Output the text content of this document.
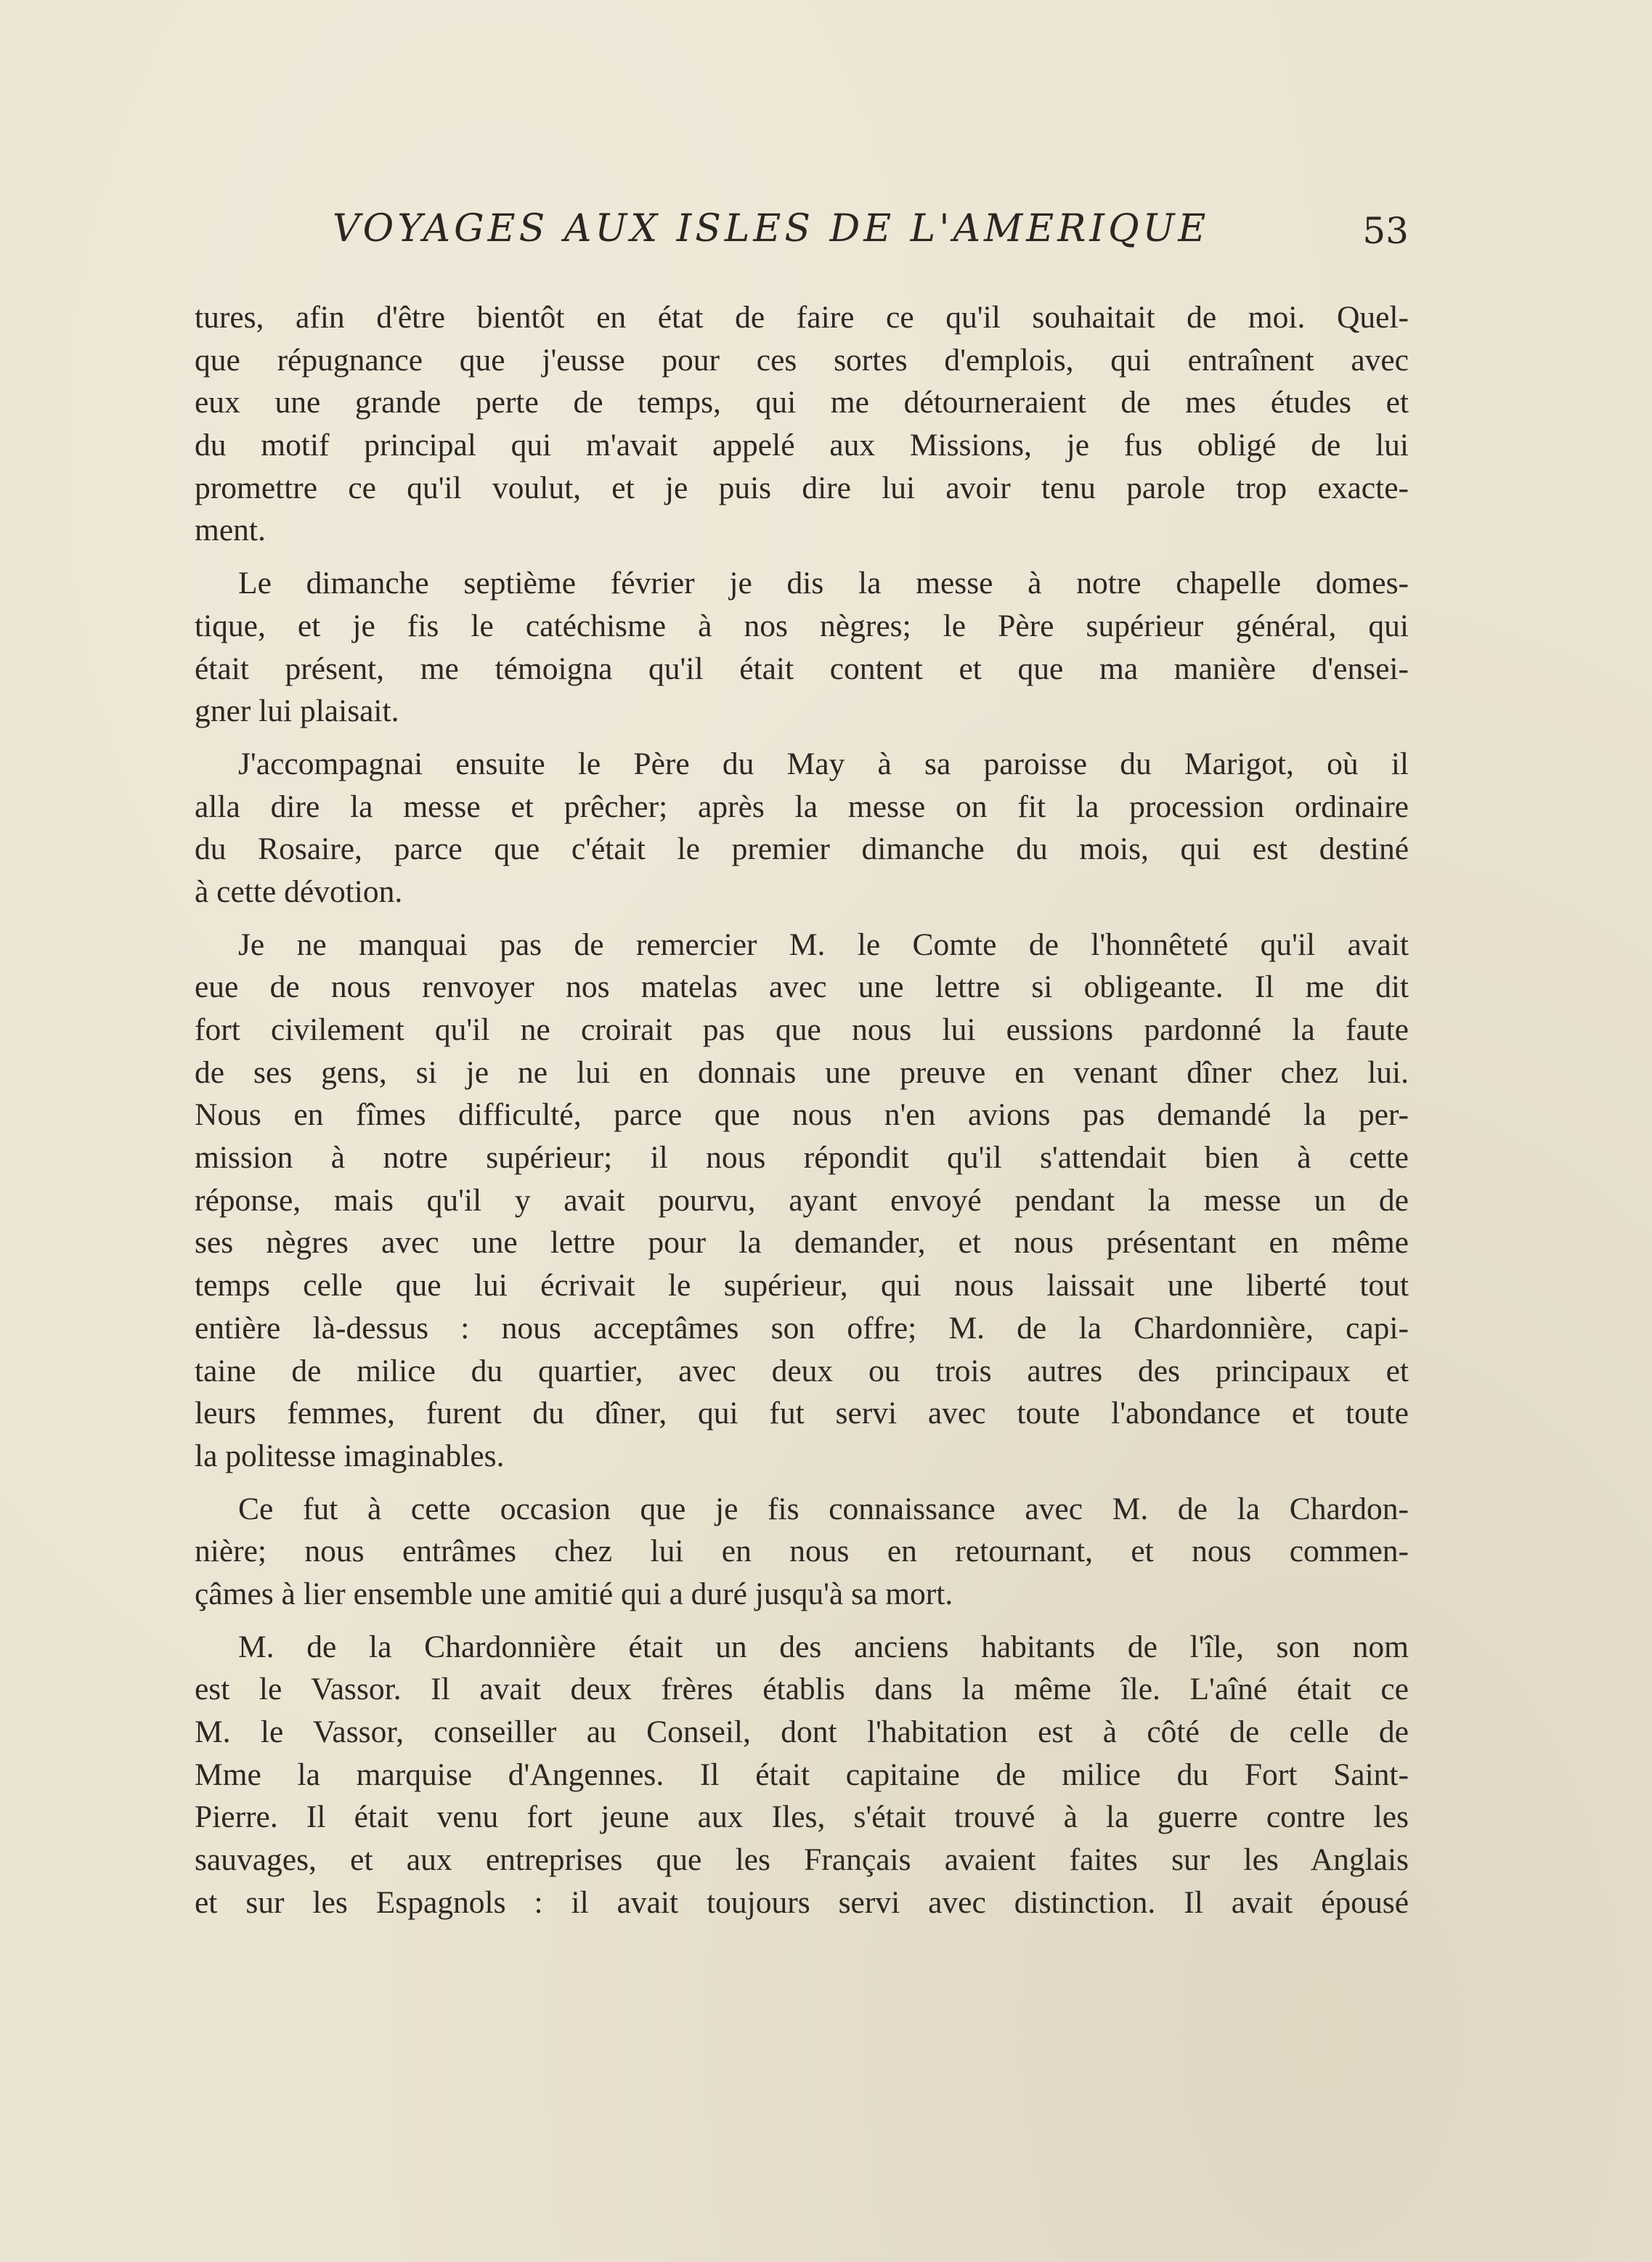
VOYAGES AUX ISLES DE L'AMERIQUE	53

tures, afin d'être bientôt en état de faire ce qu'il souhaitait de moi. Quel-
que répugnance que j'eusse pour ces sortes d'emplois, qui entraînent avec
eux une grande perte de temps, qui me détourneraient de mes études et
du motif principal qui m'avait appelé aux Missions, je fus obligé de lui
promettre ce qu'il voulut, et je puis dire lui avoir tenu parole trop exacte-
ment.

Le dimanche septième février je dis la messe à notre chapelle domes-
tique, et je fis le catéchisme à nos nègres; le Père supérieur général, qui
était présent, me témoigna qu'il était content et que ma manière d'ensei-
gner lui plaisait.

J'accompagnai ensuite le Père du May à sa paroisse du Marigot, où il
alla dire la messe et prêcher; après la messe on fit la procession ordinaire
du Rosaire, parce que c'était le premier dimanche du mois, qui est destiné
à cette dévotion.

Je ne manquai pas de remercier M. le Comte de l'honnêteté qu'il avait
eue de nous renvoyer nos matelas avec une lettre si obligeante. Il me dit
fort civilement qu'il ne croirait pas que nous lui eussions pardonné la faute
de ses gens, si je ne lui en donnais une preuve en venant dîner chez lui.
Nous en fîmes difficulté, parce que nous n'en avions pas demandé la per-
mission à notre supérieur; il nous répondit qu'il s'attendait bien à cette
réponse, mais qu'il y avait pourvu, ayant envoyé pendant la messe un de
ses nègres avec une lettre pour la demander, et nous présentant en même
temps celle que lui écrivait le supérieur, qui nous laissait une liberté tout
entière là-dessus : nous acceptâmes son offre; M. de la Chardonnière, capi-
taine de milice du quartier, avec deux ou trois autres des principaux et
leurs femmes, furent du dîner, qui fut servi avec toute l'abondance et toute
la politesse imaginables.

Ce fut à cette occasion que je fis connaissance avec M. de la Chardon-
nière; nous entrâmes chez lui en nous en retournant, et nous commen-
çâmes à lier ensemble une amitié qui a duré jusqu'à sa mort.

M. de la Chardonnière était un des anciens habitants de l'île, son nom
est le Vassor. Il avait deux frères établis dans la même île. L'aîné était ce
M. le Vassor, conseiller au Conseil, dont l'habitation est à côté de celle de
Mme la marquise d'Angennes. Il était capitaine de milice du Fort Saint-
Pierre. Il était venu fort jeune aux Iles, s'était trouvé à la guerre contre les
sauvages, et aux entreprises que les Français avaient faites sur les Anglais
et sur les Espagnols : il avait toujours servi avec distinction. Il avait épousé
